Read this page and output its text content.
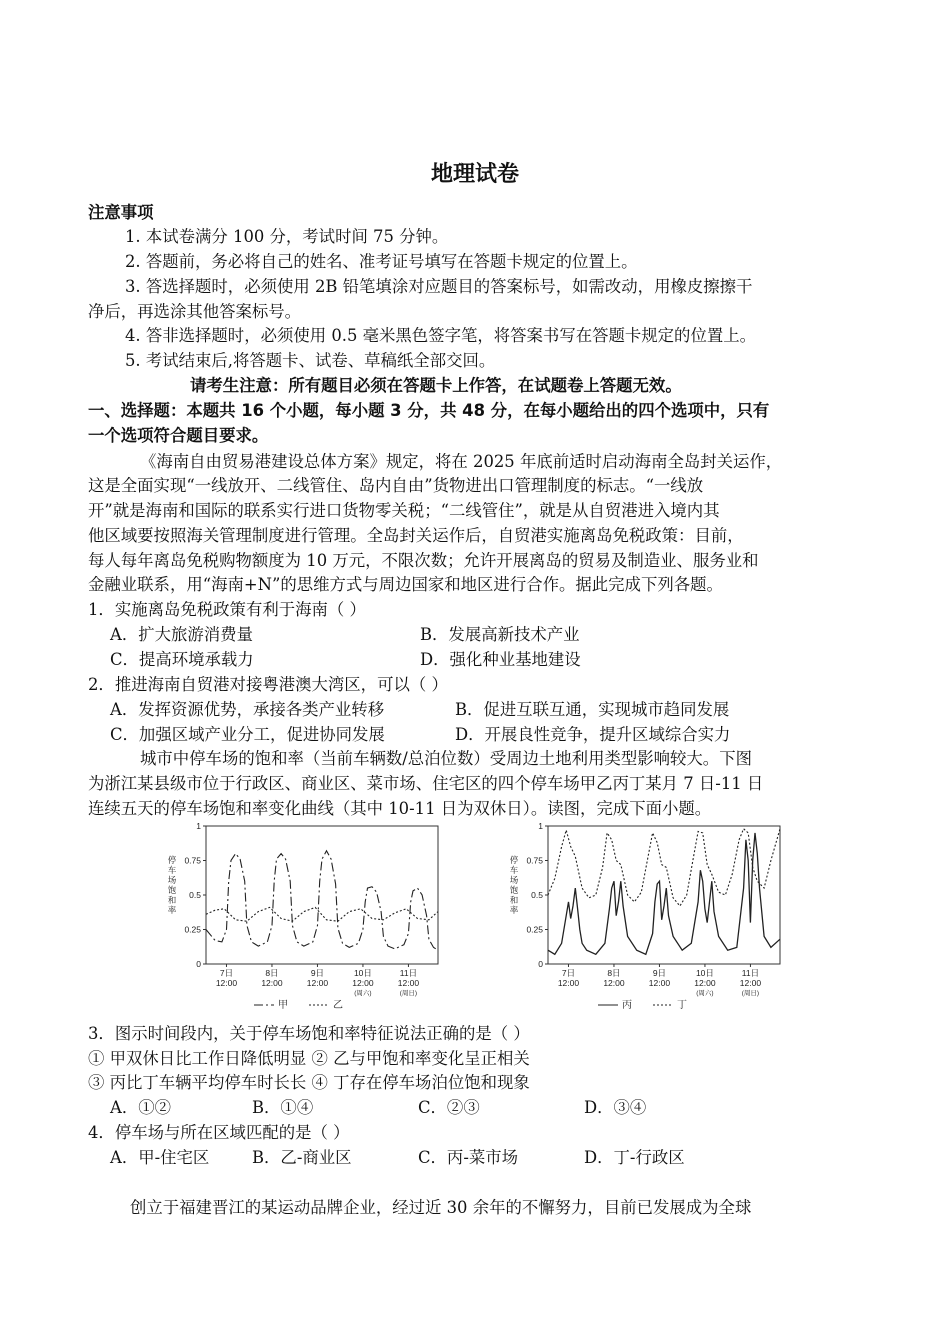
地理试卷
注意事项
1. 本试卷满分 100 分，考试时间 75 分钟。
2. 答题前，务必将自己的姓名、准考证号填写在答题卡规定的位置上。
3. 答选择题时，必须使用 2B 铅笔填涂对应题目的答案标号，如需改动，用橡皮擦擦干
净后，再选涂其他答案标号。
4. 答非选择题时，必须使用 0.5 毫米黑色签字笔，将答案书写在答题卡规定的位置上。
5. 考试结束后,将答题卡、试卷、草稿纸全部交回。
请考生注意：所有题目必须在答题卡上作答，在试题卷上答题无效。
一、选择题：本题共 16 个小题，每小题 3 分，共 48 分，在每小题给出的四个选项中，只有
一个选项符合题目要求。
《海南自由贸易港建设总体方案》规定，将在 2025 年底前适时启动海南全岛封关运作，
这是全面实现“一线放开、二线管住、岛内自由”货物进出口管理制度的标志。“一线放
开”就是海南和国际的联系实行进口货物零关税；“二线管住”，就是从自贸港进入境内其
他区域要按照海关管理制度进行管理。全岛封关运作后，自贸港实施离岛免税政策：目前，
每人每年离岛免税购物额度为 10 万元，不限次数；允许开展离岛的贸易及制造业、服务业和
金融业联系，用“海南+N”的思维方式与周边国家和地区进行合作。据此完成下列各题。
1．实施离岛免税政策有利于海南（ ）
A．扩大旅游消费量	B．发展高新技术产业
C．提高环境承载力	D．强化种业基地建设
2．推进海南自贸港对接粤港澳大湾区，可以（ ）
A．发挥资源优势，承接各类产业转移	B．促进互联互通，实现城市趋同发展
C．加强区域产业分工，促进协同发展	D．开展良性竞争，提升区域综合实力
城市中停车场的饱和率（当前车辆数/总泊位数）受周边土地利用类型影响较大。下图
为浙江某县级市位于行政区、商业区、菜市场、住宅区的四个停车场甲乙丙丁某月 7 日-11 日
连续五天的停车场饱和率变化曲线（其中 10-11 日为双休日）。读图，完成下面小题。
停车场饱和率
0
0.25
0.5
0.75
1
7日
12:00
8日
12:00
9日
12:00
10日
12:00
(周六)
11日
12:00
(周日)
甲	乙
停车场饱和率
0
0.25
0.5
0.75
1
7日
12:00
8日
12:00
9日
12:00
10日
12:00
(周六)
11日
12:00
(周日)
丙	丁
3．图示时间段内，关于停车场饱和率特征说法正确的是（ ）
① 甲双休日比工作日降低明显 ② 乙与甲饱和率变化呈正相关
③ 丙比丁车辆平均停车时长长 ④ 丁存在停车场泊位饱和现象
A．①②	B．①④	C．②③	D．③④
4．停车场与所在区域匹配的是（ ）
A．甲-住宅区	B．乙-商业区	C．丙-菜市场	D．丁-行政区
创立于福建晋江的某运动品牌企业，经过近 30 余年的不懈努力，目前已发展成为全球
